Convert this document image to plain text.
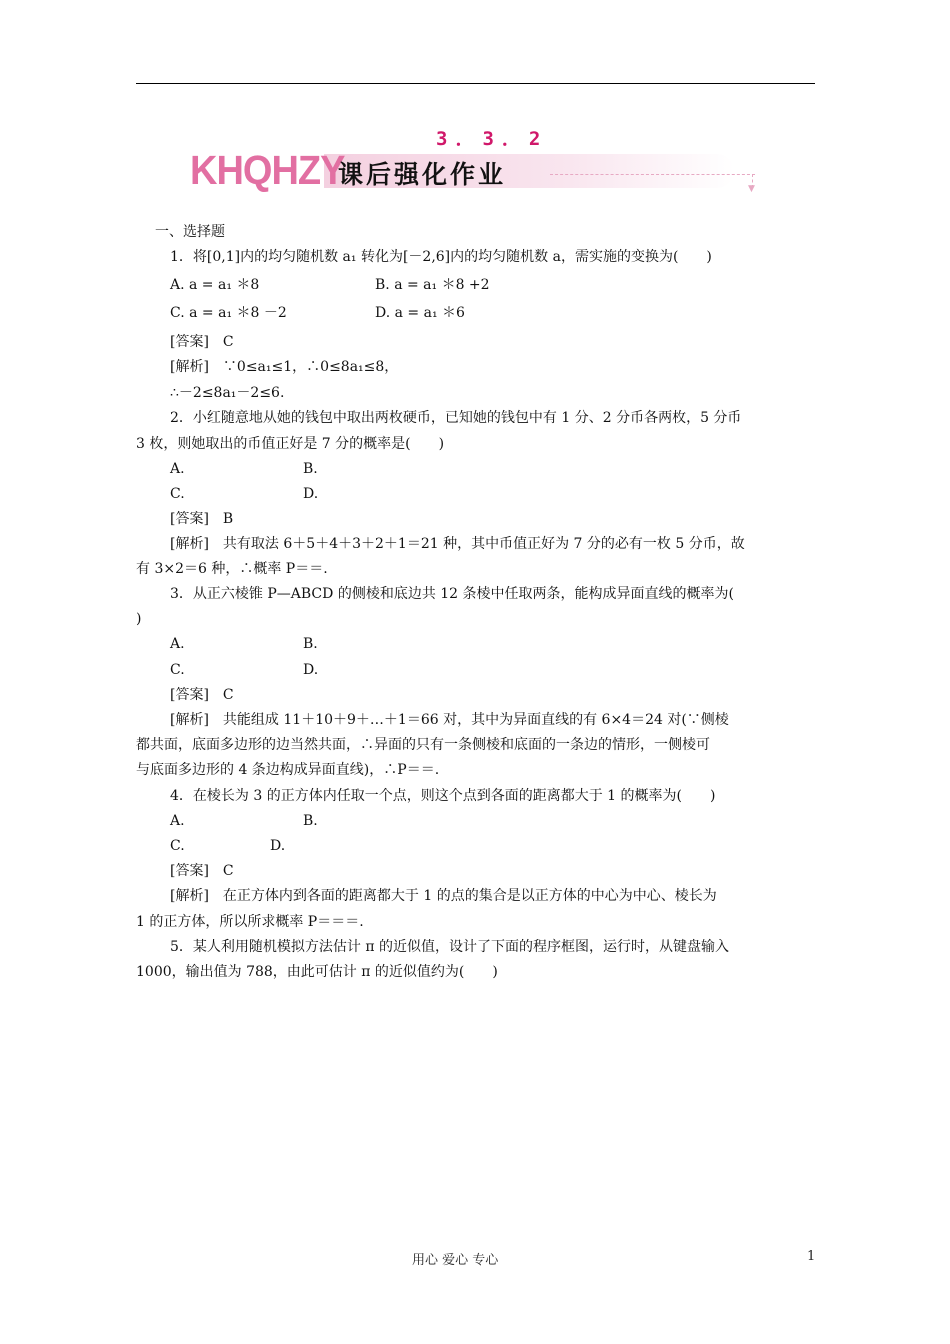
3．3．2
KHQHZY
课后强化作业	▼
一、选择题
1．将[0,1]内的均匀随机数 a₁ 转化为[－2,6]内的均匀随机数 a，需实施的变换为(　　)
A. a = a₁ ＊8	B. a = a₁ ＊8 +2
C. a = a₁ ＊8 －2	D. a = a₁ ＊6
[答案]　C
[解析]　∵0≤a₁≤1，∴0≤8a₁≤8，
∴－2≤8a₁－2≤6.
2．小红随意地从她的钱包中取出两枚硬币，已知她的钱包中有 1 分、2 分币各两枚，5 分币
3 枚，则她取出的币值正好是 7 分的概率是(　　)
A.	B.
C.	D.
[答案]　B
[解析]　共有取法 6＋5＋4＋3＋2＋1＝21 种，其中币值正好为 7 分的必有一枚 5 分币，故
有 3×2＝6 种，∴概率 P＝＝.
3．从正六棱锥 P—ABCD 的侧棱和底边共 12 条棱中任取两条，能构成异面直线的概率为(
)
A.	B.
C.	D.
[答案]　C
[解析]　共能组成 11＋10＋9＋…＋1＝66 对，其中为异面直线的有 6×4＝24 对(∵侧棱
都共面，底面多边形的边当然共面，∴异面的只有一条侧棱和底面的一条边的情形，一侧棱可
与底面多边形的 4 条边构成异面直线)，∴P＝＝.
4．在棱长为 3 的正方体内任取一个点，则这个点到各面的距离都大于 1 的概率为(　　)
A.	B.
C.	D.
[答案]　C
[解析]　在正方体内到各面的距离都大于 1 的点的集合是以正方体的中心为中心、棱长为
1 的正方体，所以所求概率 P＝＝＝.
5．某人利用随机模拟方法估计 π 的近似值，设计了下面的程序框图，运行时，从键盘输入
1000，输出值为 788，由此可估计 π 的近似值约为(　　)
用心 爱心 专心	1
